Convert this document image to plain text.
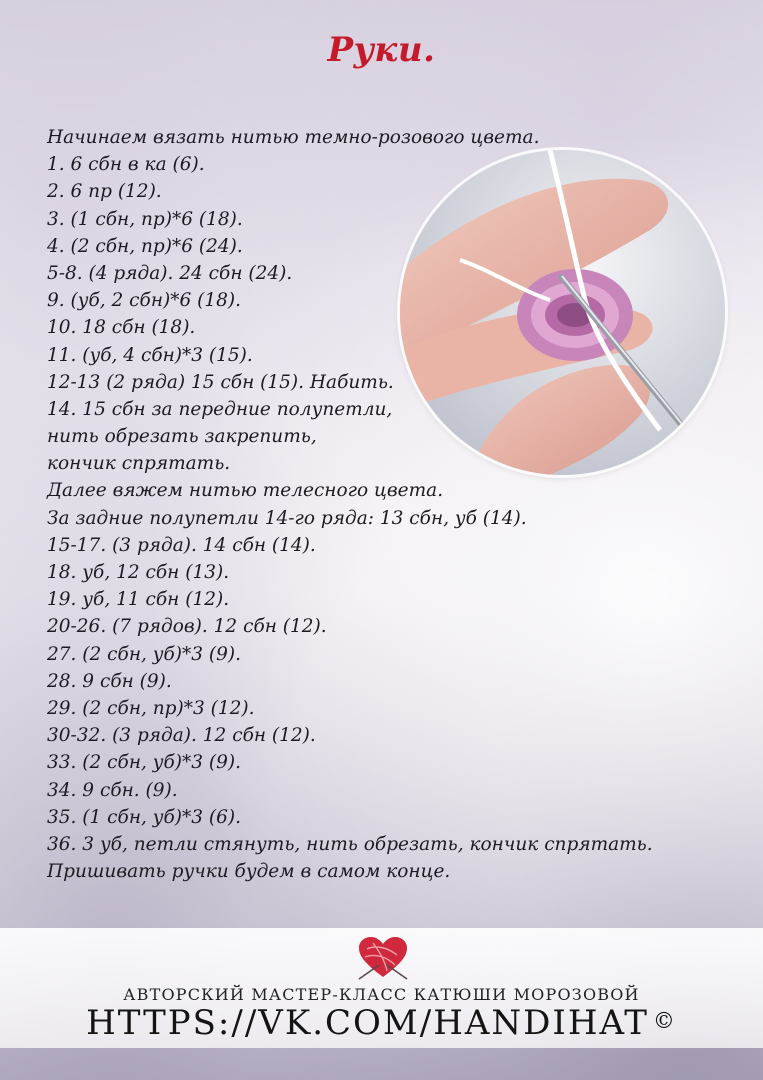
Руки.
Начинаем вязать нитью темно-розового цвета.
1. 6 сбн в ка (6).
2. 6 пр (12).
3. (1 сбн, пр)*6 (18).
4. (2 сбн, пр)*6 (24).
5-8. (4 ряда). 24 сбн (24).
9. (уб, 2 сбн)*6 (18).
10. 18 сбн (18).
11. (уб, 4 сбн)*3 (15).
12-13 (2 ряда) 15 сбн (15). Набить.
14. 15 сбн за передние полупетли,
нить обрезать закрепить,
кончик спрятать.
Далее вяжем нитью телесного цвета.
За задние полупетли 14-го ряда: 13 сбн, уб (14).
15-17. (3 ряда). 14 сбн (14).
18. уб, 12 сбн (13).
19. уб, 11 сбн (12).
20-26. (7 рядов). 12 сбн (12).
27. (2 сбн, уб)*3 (9).
28. 9 сбн (9).
29. (2 сбн, пр)*3 (12).
30-32. (3 ряда). 12 сбн (12).
33. (2 сбн, уб)*3 (9).
34. 9 сбн. (9).
35. (1 сбн, уб)*3 (6).
36. 3 уб, петли стянуть, нить обрезать, кончик спрятать.
Пришивать ручки будем в самом конце.
АВТОРСКИЙ МАСТЕР-КЛАСС КАТЮШИ МОРОЗОВОЙ
HTTPS://VK.COM/HANDIHAT ©
